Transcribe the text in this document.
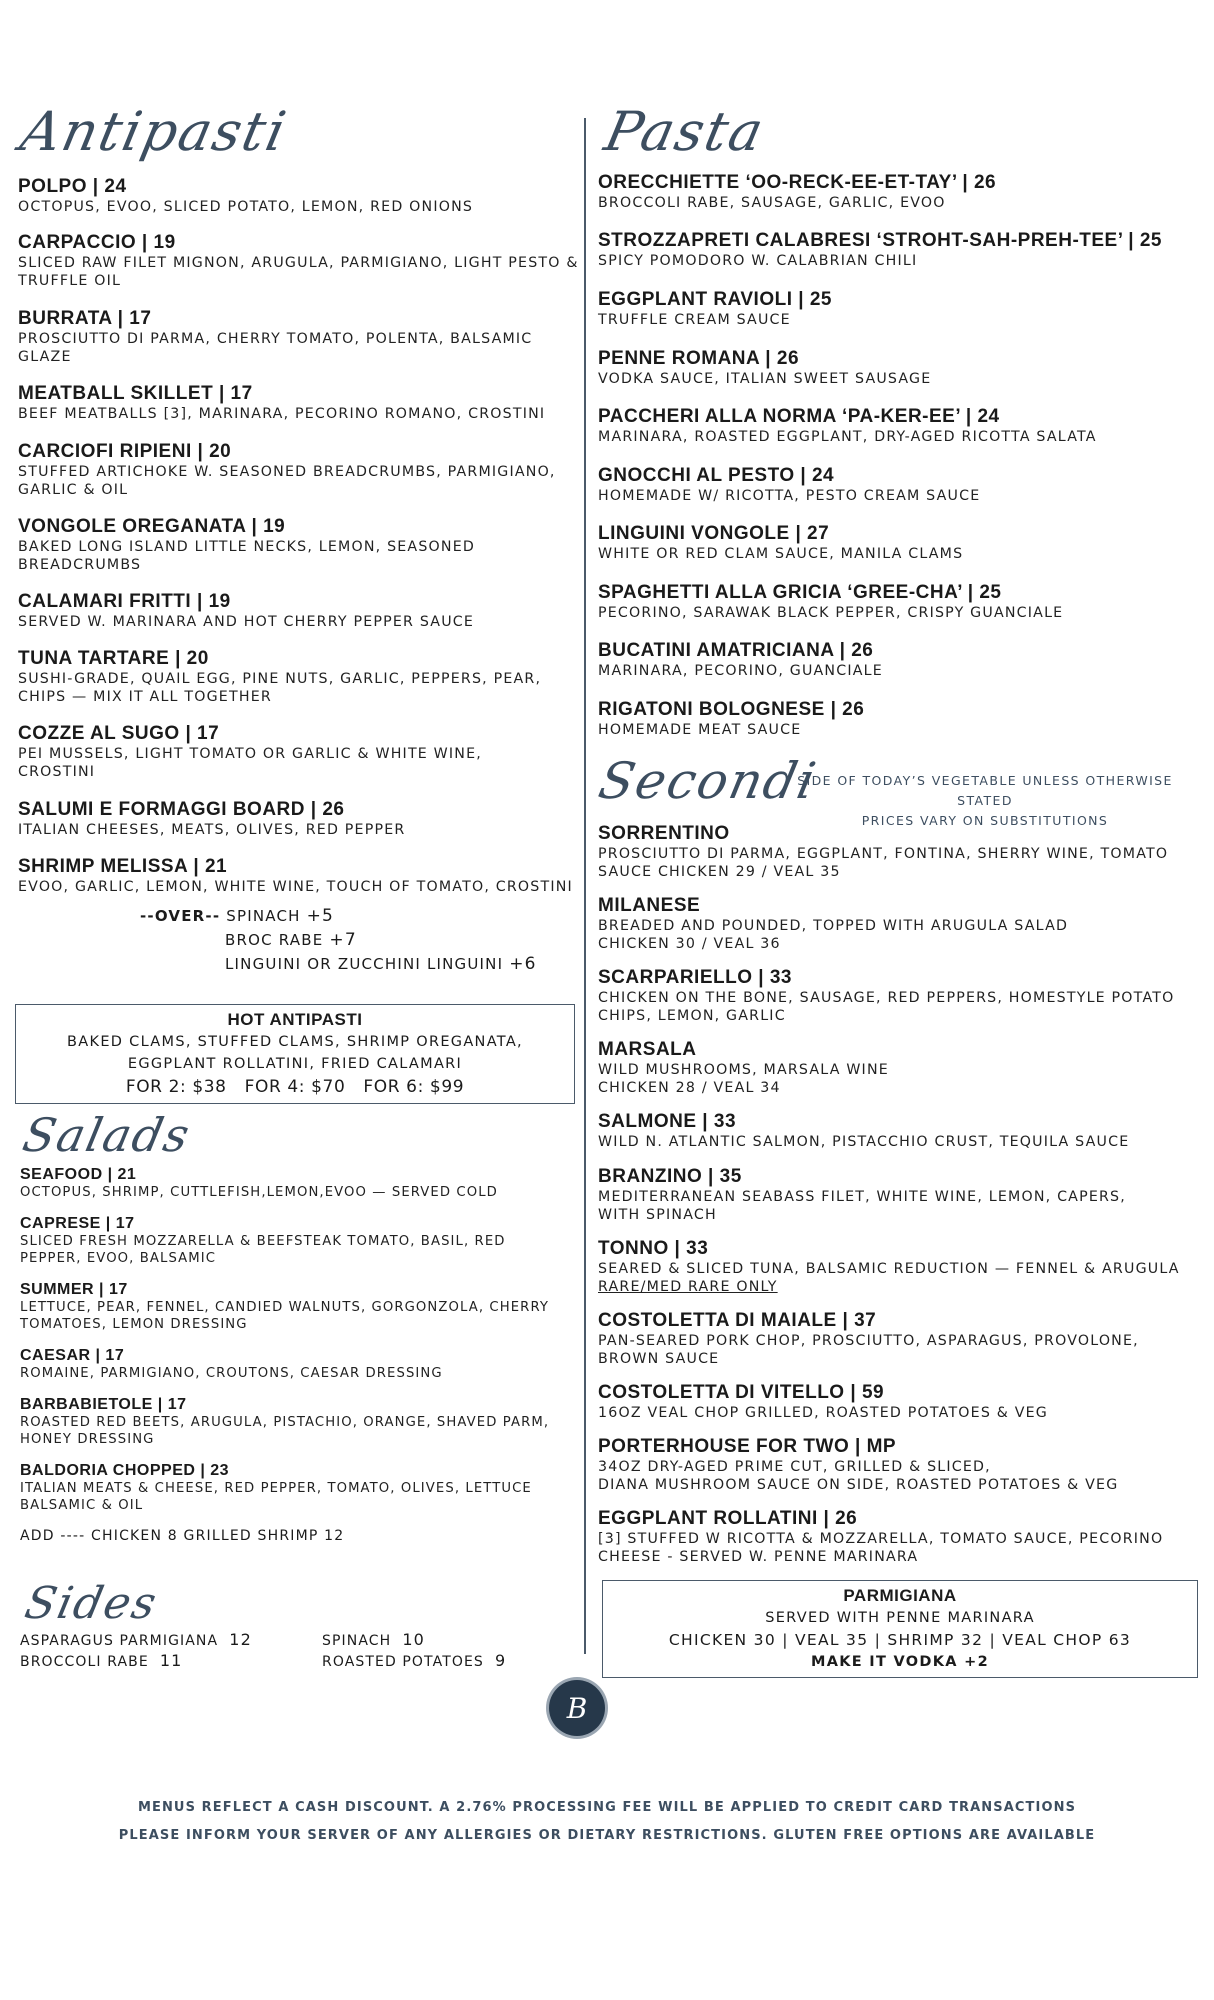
Antipasti
POLPO | 24
OCTOPUS, EVOO, SLICED POTATO, LEMON, RED ONIONS
CARPACCIO | 19
SLICED RAW FILET MIGNON, ARUGULA, PARMIGIANO, LIGHT PESTO & TRUFFLE OIL
BURRATA | 17
PROSCIUTTO DI PARMA, CHERRY TOMATO, POLENTA, BALSAMIC GLAZE
MEATBALL SKILLET | 17
BEEF MEATBALLS [3], MARINARA, PECORINO ROMANO, CROSTINI
CARCIOFI RIPIENI | 20
STUFFED ARTICHOKE W. SEASONED BREADCRUMBS, PARMIGIANO, GARLIC & OIL
VONGOLE OREGANATA | 19
BAKED LONG ISLAND LITTLE NECKS, LEMON, SEASONED BREADCRUMBS
CALAMARI FRITTI | 19
SERVED W. MARINARA AND HOT CHERRY PEPPER SAUCE
TUNA TARTARE | 20
SUSHI-GRADE, QUAIL EGG, PINE NUTS, GARLIC, PEPPERS, PEAR, CHIPS — MIX IT ALL TOGETHER
COZZE AL SUGO | 17
PEI MUSSELS, LIGHT TOMATO OR GARLIC & WHITE WINE, CROSTINI
SALUMI E FORMAGGI BOARD | 26
ITALIAN CHEESES, MEATS, OLIVES, RED PEPPER
SHRIMP MELISSA | 21
EVOO, GARLIC, LEMON, WHITE WINE, TOUCH OF TOMATO, CROSTINI
--OVER-- SPINACH +5
BROC RABE +7
LINGUINI OR ZUCCHINI LINGUINI +6
HOT ANTIPASTI
BAKED CLAMS, STUFFED CLAMS, SHRIMP OREGANATA,
EGGPLANT ROLLATINI, FRIED CALAMARI
FOR 2: $38   FOR 4: $70   FOR 6: $99
Salads
SEAFOOD | 21
OCTOPUS, SHRIMP, CUTTLEFISH,LEMON,EVOO — SERVED COLD
CAPRESE | 17
SLICED FRESH MOZZARELLA & BEEFSTEAK TOMATO, BASIL, RED PEPPER, EVOO, BALSAMIC
SUMMER | 17
LETTUCE, PEAR, FENNEL, CANDIED WALNUTS, GORGONZOLA, CHERRY TOMATOES, LEMON DRESSING
CAESAR | 17
ROMAINE, PARMIGIANO, CROUTONS, CAESAR DRESSING
BARBABIETOLE | 17
ROASTED RED BEETS, ARUGULA, PISTACHIO, ORANGE, SHAVED PARM, HONEY DRESSING
BALDORIA CHOPPED | 23
ITALIAN MEATS & CHEESE, RED PEPPER, TOMATO, OLIVES, LETTUCE BALSAMIC & OIL
ADD ---- CHICKEN 8 GRILLED SHRIMP 12
Sides
ASPARAGUS PARMIGIANA 12	SPINACH 10
BROCCOLI RABE 11	ROASTED POTATOES 9
Pasta
ORECCHIETTE ‘OO-RECK-EE-ET-TAY’ | 26
BROCCOLI RABE, SAUSAGE, GARLIC, EVOO
STROZZAPRETI CALABRESI ‘STROHT-SAH-PREH-TEE’ | 25
SPICY POMODORO W. CALABRIAN CHILI
EGGPLANT RAVIOLI | 25
TRUFFLE CREAM SAUCE
PENNE ROMANA | 26
VODKA SAUCE, ITALIAN SWEET SAUSAGE
PACCHERI ALLA NORMA ‘PA-KER-EE’ | 24
MARINARA, ROASTED EGGPLANT, DRY-AGED RICOTTA SALATA
GNOCCHI AL PESTO | 24
HOMEMADE W/ RICOTTA, PESTO CREAM SAUCE
LINGUINI VONGOLE | 27
WHITE OR RED CLAM SAUCE, MANILA CLAMS
SPAGHETTI ALLA GRICIA ‘GREE-CHA’ | 25
PECORINO, SARAWAK BLACK PEPPER, CRISPY GUANCIALE
BUCATINI AMATRICIANA | 26
MARINARA, PECORINO, GUANCIALE
RIGATONI BOLOGNESE | 26
HOMEMADE MEAT SAUCE
Secondi
SIDE OF TODAY’S VEGETABLE UNLESS OTHERWISE STATED
PRICES VARY ON SUBSTITUTIONS
SORRENTINO
PROSCIUTTO DI PARMA, EGGPLANT, FONTINA, SHERRY WINE, TOMATO SAUCE CHICKEN 29 / VEAL 35
MILANESE
BREADED AND POUNDED, TOPPED WITH ARUGULA SALAD
CHICKEN 30 / VEAL 36
SCARPARIELLO | 33
CHICKEN ON THE BONE, SAUSAGE, RED PEPPERS, HOMESTYLE POTATO CHIPS, LEMON, GARLIC
MARSALA
WILD MUSHROOMS, MARSALA WINE
CHICKEN 28 / VEAL 34
SALMONE | 33
WILD N. ATLANTIC SALMON, PISTACCHIO CRUST, TEQUILA SAUCE
BRANZINO | 35
MEDITERRANEAN SEABASS FILET, WHITE WINE, LEMON, CAPERS, WITH SPINACH
TONNO | 33
SEARED & SLICED TUNA, BALSAMIC REDUCTION — FENNEL & ARUGULA
RARE/MED RARE ONLY
COSTOLETTA DI MAIALE | 37
PAN-SEARED PORK CHOP, PROSCIUTTO, ASPARAGUS, PROVOLONE, BROWN SAUCE
COSTOLETTA DI VITELLO | 59
16OZ VEAL CHOP GRILLED, ROASTED POTATOES & VEG
PORTERHOUSE FOR TWO | MP
34OZ DRY-AGED PRIME CUT, GRILLED & SLICED,
DIANA MUSHROOM SAUCE ON SIDE, ROASTED POTATOES & VEG
EGGPLANT ROLLATINI | 26
[3] STUFFED W RICOTTA & MOZZARELLA, TOMATO SAUCE, PECORINO CHEESE - SERVED W. PENNE MARINARA
PARMIGIANA
SERVED WITH PENNE MARINARA
CHICKEN 30 | VEAL 35 | SHRIMP 32 | VEAL CHOP 63
MAKE IT VODKA +2
B
MENUS REFLECT A CASH DISCOUNT. A 2.76% PROCESSING FEE WILL BE APPLIED TO CREDIT CARD TRANSACTIONS
PLEASE INFORM YOUR SERVER OF ANY ALLERGIES OR DIETARY RESTRICTIONS. GLUTEN FREE OPTIONS ARE AVAILABLE
